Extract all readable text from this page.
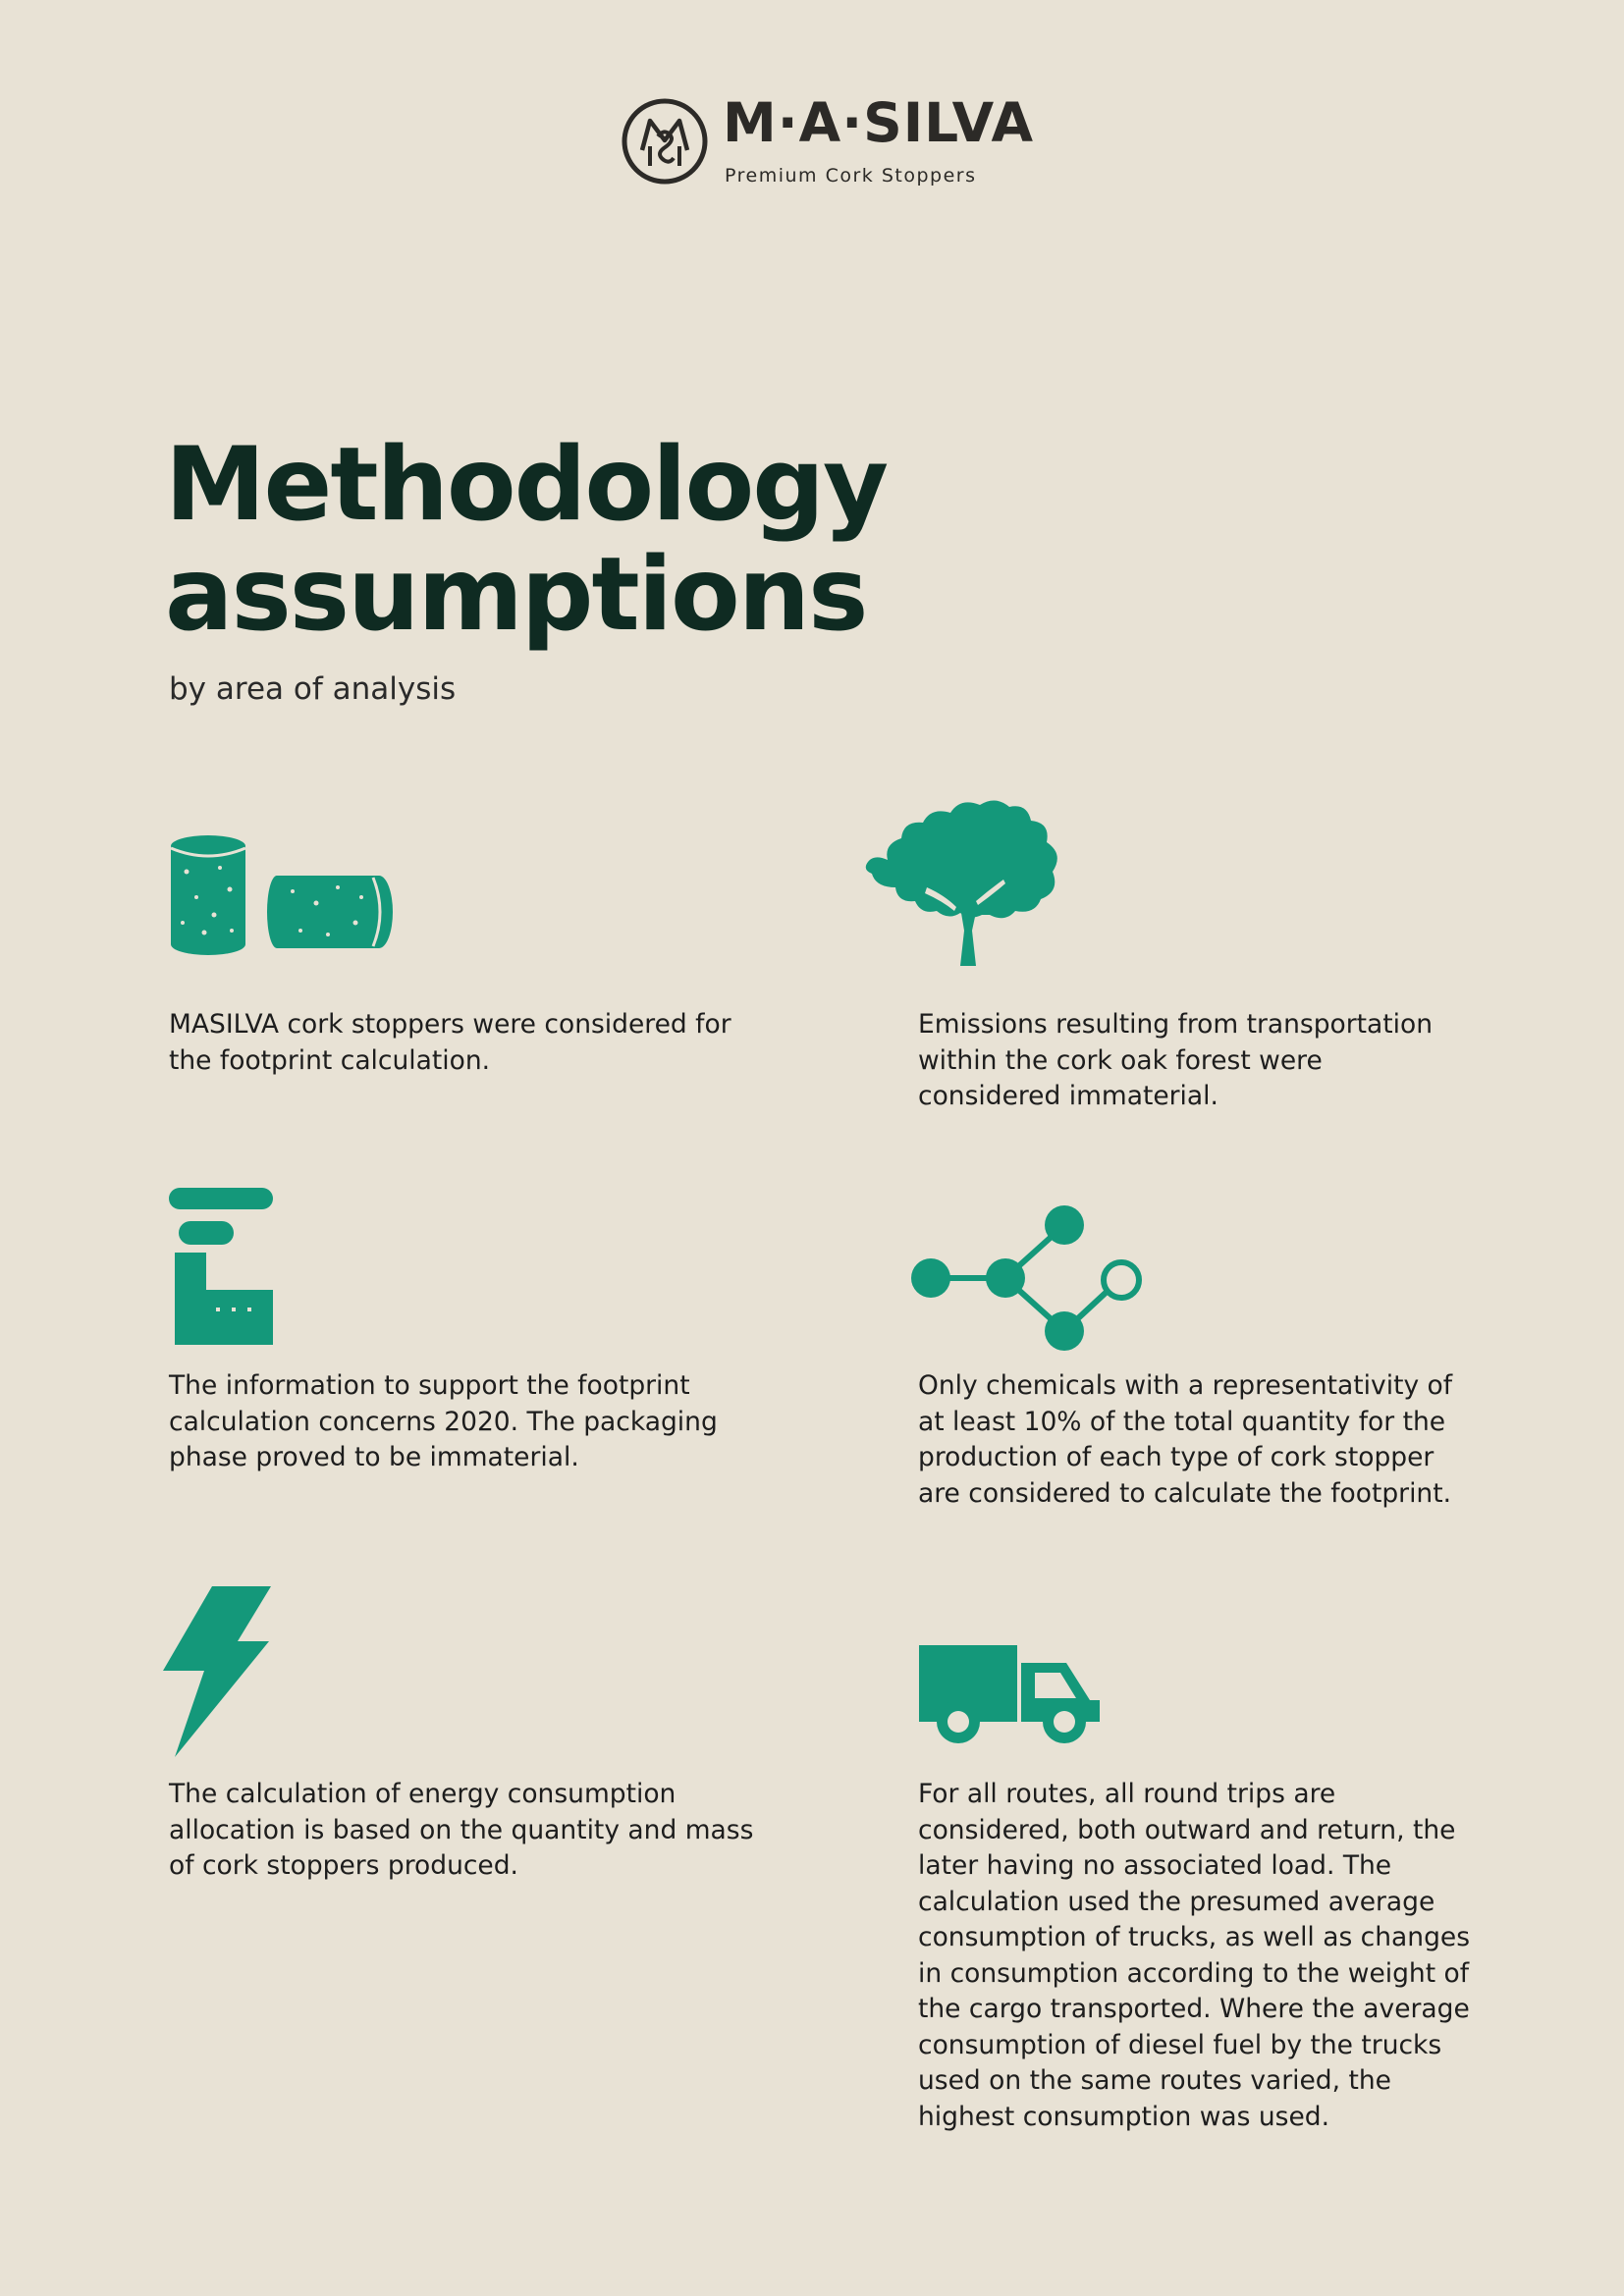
M·A·SILVA
Premium Cork Stoppers
Methodology
assumptions
by area of analysis

MASILVA cork stoppers were considered for the footprint calculation.

Emissions resulting from transportation within the cork oak forest were considered immaterial.

The information to support the footprint calculation concerns 2020. The packaging phase proved to be immaterial.

Only chemicals with a representativity of at least 10% of the total quantity for the production of each type of cork stopper are considered to calculate the footprint.

The calculation of energy consumption allocation is based on the quantity and mass of cork stoppers produced.

For all routes, all round trips are considered, both outward and return, the later having no associated load. The calculation used the presumed average consumption of trucks, as well as changes in consumption according to the weight of the cargo transported. Where the average consumption of diesel fuel by the trucks used on the same routes varied, the highest consumption was used.
